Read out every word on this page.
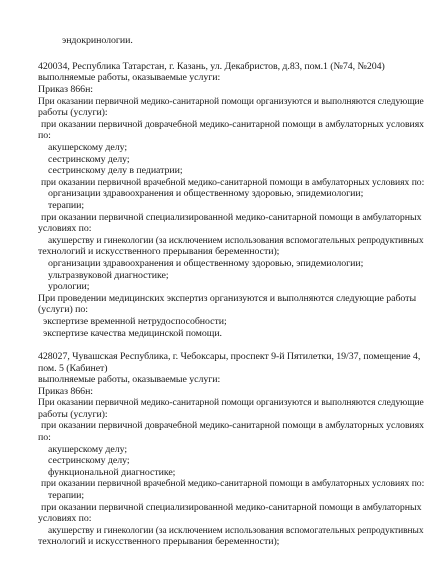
эндокринологии.
420034, Республика Татарстан, г. Казань, ул. Декабристов, д.83, пом.1 (№74, №204)
выполняемые работы, оказываемые услуги:
Приказ 866н:
При оказании первичной медико-санитарной помощи организуются и выполняются следующие
работы (услуги):
при оказании первичной доврачебной медико-санитарной помощи в амбулаторных условиях
по:
акушерскому делу;
сестринскому делу;
сестринскому делу в педиатрии;
при оказании первичной врачебной медико-санитарной помощи в амбулаторных условиях по:
организации здравоохранения и общественному здоровью, эпидемиологии;
терапии;
при оказании первичной специализированной медико-санитарной помощи в амбулаторных
условиях по:
акушерству и гинекологии (за исключением использования вспомогательных репродуктивных
технологий и искусственного прерывания беременности);
организации здравоохранения и общественному здоровью, эпидемиологии;
ультразвуковой диагностике;
урологии;
При проведении медицинских экспертиз организуются и выполняются следующие работы
(услуги) по:
экспертизе временной нетрудоспособности;
экспертизе качества медицинской помощи.
428027, Чувашская Республика, г. Чебоксары, проспект 9-й Пятилетки, 19/37, помещение 4,
пом. 5 (Кабинет)
выполняемые работы, оказываемые услуги:
Приказ 866н:
При оказании первичной медико-санитарной помощи организуются и выполняются следующие
работы (услуги):
при оказании первичной доврачебной медико-санитарной помощи в амбулаторных условиях
по:
акушерскому делу;
сестринскому делу;
функциональной диагностике;
при оказании первичной врачебной медико-санитарной помощи в амбулаторных условиях по:
терапии;
при оказании первичной специализированной медико-санитарной помощи в амбулаторных
условиях по:
акушерству и гинекологии (за исключением использования вспомогательных репродуктивных
технологий и искусственного прерывания беременности);
